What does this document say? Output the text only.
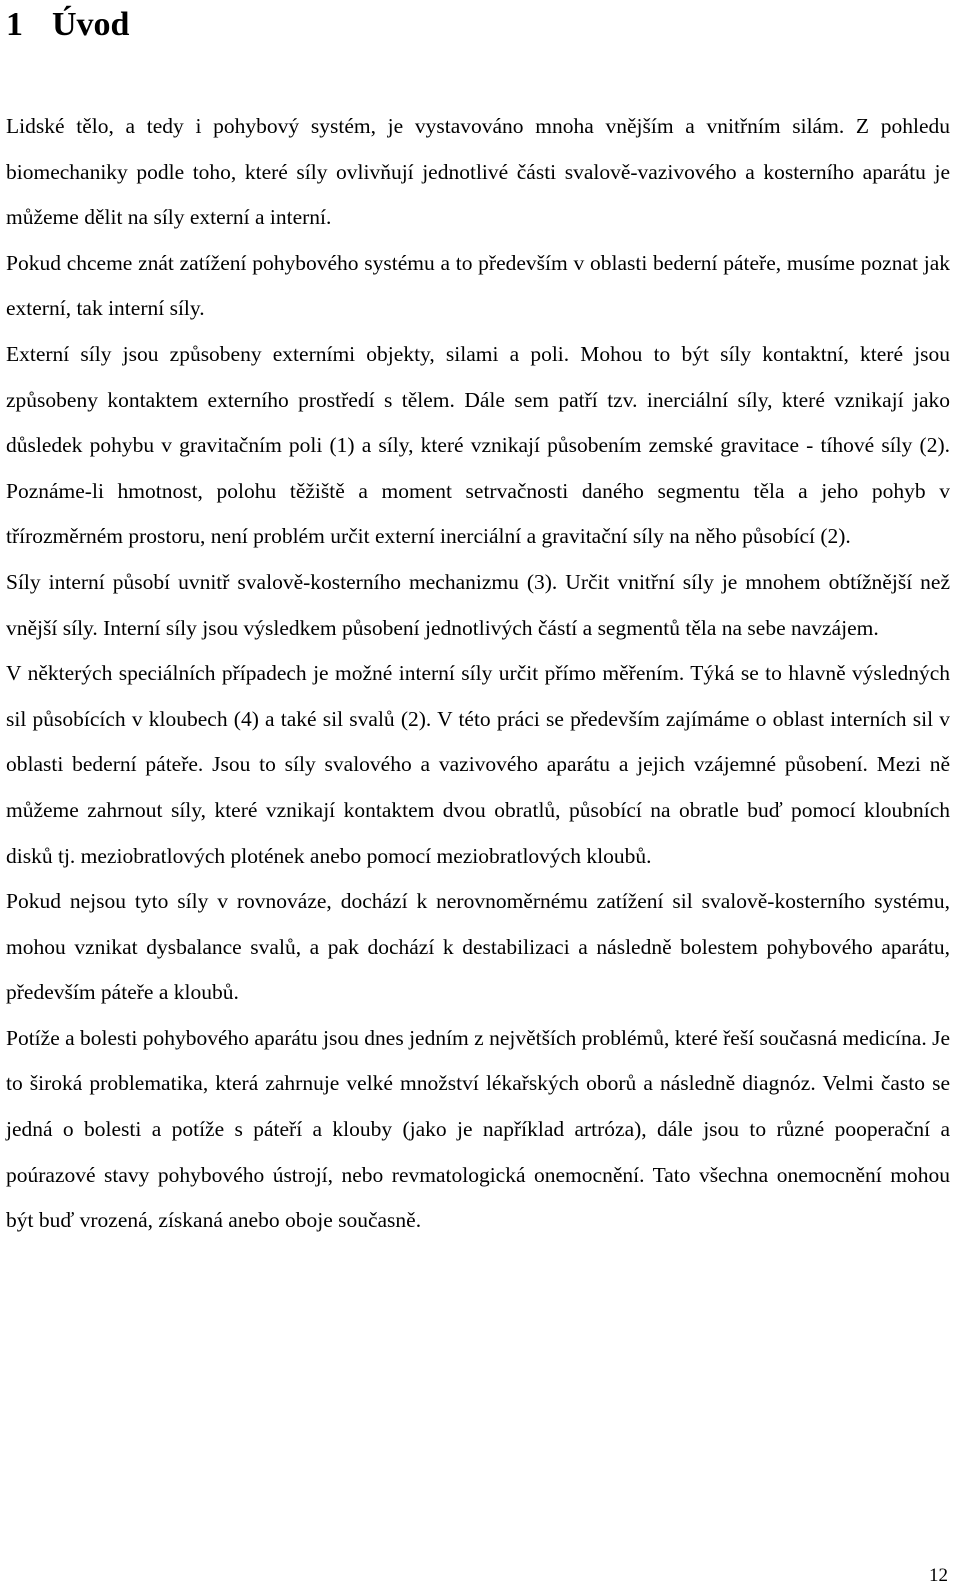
1 Úvod

Lidské tělo, a tedy i pohybový systém, je vystavováno mnoha vnějším a vnitřním silám. Z pohledu biomechaniky podle toho, které síly ovlivňují jednotlivé části svalově-vazivového a kosterního aparátu je můžeme dělit na síly externí a interní.

Pokud chceme znát zatížení pohybového systému a to především v oblasti bederní páteře, musíme poznat jak externí, tak interní síly.

Externí síly jsou způsobeny externími objekty, silami a poli. Mohou to být síly kontaktní, které jsou způsobeny kontaktem externího prostředí s tělem. Dále sem patří tzv. inerciální síly, které vznikají jako důsledek pohybu v gravitačním poli (1) a síly, které vznikají působením zemské gravitace - tíhové síly (2). Poznáme-li hmotnost, polohu těžiště a moment setrvačnosti daného segmentu těla a jeho pohyb v třírozměrném prostoru, není problém určit externí inerciální a gravitační síly na něho působící (2).

Síly interní působí uvnitř svalově-kosterního mechanizmu (3). Určit vnitřní síly je mnohem obtížnější než vnější síly. Interní síly jsou výsledkem působení jednotlivých částí a segmentů těla na sebe navzájem.

V některých speciálních případech je možné interní síly určit přímo měřením. Týká se to hlavně výsledných sil působících v kloubech (4) a také sil svalů (2). V této práci se především zajímáme o oblast interních sil v oblasti bederní páteře. Jsou to síly svalového a vazivového aparátu a jejich vzájemné působení. Mezi ně můžeme zahrnout síly, které vznikají kontaktem dvou obratlů, působící na obratle buď pomocí kloubních disků tj. meziobratlových plotének anebo pomocí meziobratlových kloubů.

Pokud nejsou tyto síly v rovnováze, dochází k nerovnoměrnému zatížení sil svalově-kosterního systému, mohou vznikat dysbalance svalů, a pak dochází k destabilizaci a následně bolestem pohybového aparátu, především páteře a kloubů.

Potíže a bolesti pohybového aparátu jsou dnes jedním z největších problémů, které řeší současná medicína. Je to široká problematika, která zahrnuje velké množství lékařských oborů a následně diagnóz. Velmi často se jedná o bolesti a potíže s páteří a klouby (jako je například artróza), dále jsou to různé pooperační a poúrazové stavy pohybového ústrojí, nebo revmatologická onemocnění. Tato všechna onemocnění mohou být buď vrozená, získaná anebo oboje současně.

12
